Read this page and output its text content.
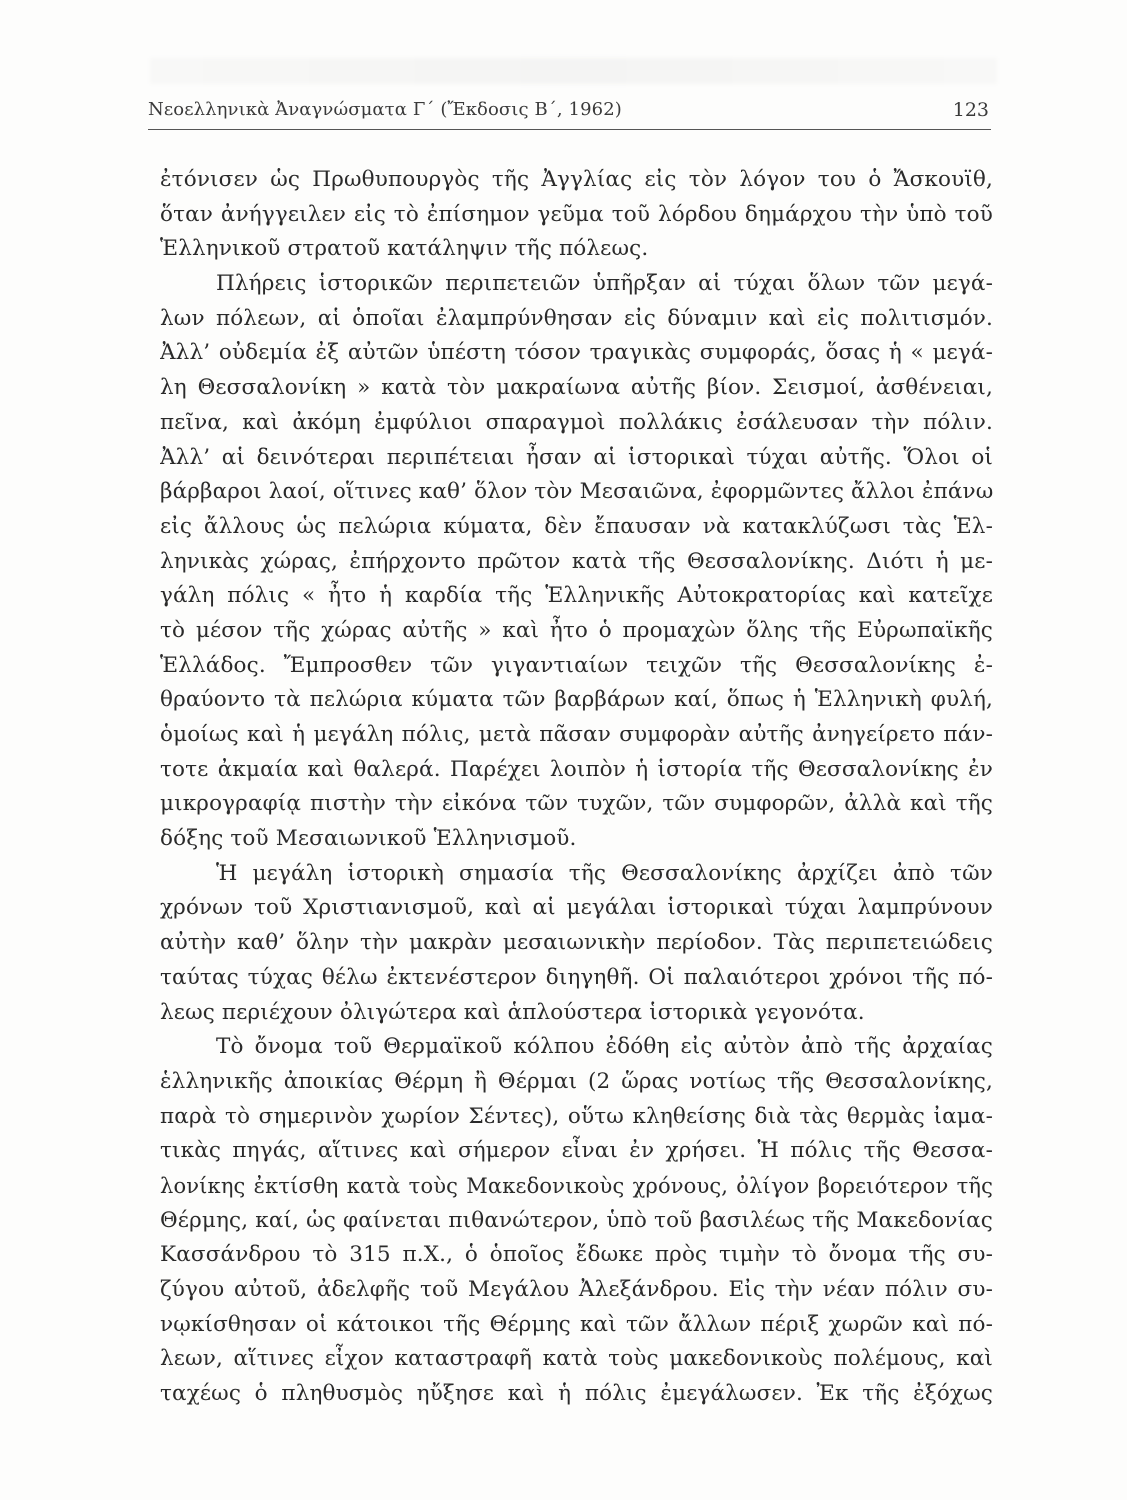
Νεοελληνικὰ Ἀναγνώσματα Γ΄ (Ἔκδοσις Β΄, 1962)	123
ἐτόνισεν ὡς Πρωθυπουργὸς τῆς Ἀγγλίας εἰς τὸν λόγον του ὁ Ἄσκουϊθ,
ὅταν ἀνήγγειλεν εἰς τὸ ἐπίσημον γεῦμα τοῦ λόρδου δημάρχου τὴν ὑπὸ τοῦ
Ἑλληνικοῦ στρατοῦ κατάληψιν τῆς πόλεως.
Πλήρεις ἱστορικῶν περιπετειῶν ὑπῆρξαν αἱ τύχαι ὅλων τῶν μεγά-
λων πόλεων, αἱ ὁποῖαι ἐλαμπρύνθησαν εἰς δύναμιν καὶ εἰς πολιτισμόν.
Ἀλλ’ οὐδεμία ἐξ αὐτῶν ὑπέστη τόσον τραγικὰς συμφοράς, ὅσας ἡ « μεγά-
λη Θεσσαλονίκη » κατὰ τὸν μακραίωνα αὐτῆς βίον. Σεισμοί, ἀσθένειαι,
πεῖνα, καὶ ἀκόμη ἐμφύλιοι σπαραγμοὶ πολλάκις ἐσάλευσαν τὴν πόλιν.
Ἀλλ’ αἱ δεινότεραι περιπέτειαι ἦσαν αἱ ἱστορικαὶ τύχαι αὐτῆς. Ὅλοι οἱ
βάρβαροι λαοί, οἵτινες καθ’ ὅλον τὸν Μεσαιῶνα, ἐφορμῶντες ἄλλοι ἐπάνω
εἰς ἄλλους ὡς πελώρια κύματα, δὲν ἔπαυσαν νὰ κατακλύζωσι τὰς Ἑλ-
ληνικὰς χώρας, ἐπήρχοντο πρῶτον κατὰ τῆς Θεσσαλονίκης. Διότι ἡ με-
γάλη πόλις « ἦτο ἡ καρδία τῆς Ἑλληνικῆς Αὐτοκρατορίας καὶ κατεῖχε
τὸ μέσον τῆς χώρας αὐτῆς » καὶ ἦτο ὁ προμαχὼν ὅλης τῆς Εὐρωπαϊκῆς
Ἑλλάδος. Ἔμπροσθεν τῶν γιγαντιαίων τειχῶν τῆς Θεσσαλονίκης ἐ-
θραύοντο τὰ πελώρια κύματα τῶν βαρβάρων καί, ὅπως ἡ Ἑλληνικὴ φυλή,
ὁμοίως καὶ ἡ μεγάλη πόλις, μετὰ πᾶσαν συμφορὰν αὐτῆς ἀνηγείρετο πάν-
τοτε ἀκμαία καὶ θαλερά. Παρέχει λοιπὸν ἡ ἱστορία τῆς Θεσσαλονίκης ἐν
μικρογραφίᾳ πιστὴν τὴν εἰκόνα τῶν τυχῶν, τῶν συμφορῶν, ἀλλὰ καὶ τῆς
δόξης τοῦ Μεσαιωνικοῦ Ἑλληνισμοῦ.
Ἡ μεγάλη ἱστορικὴ σημασία τῆς Θεσσαλονίκης ἀρχίζει ἀπὸ τῶν
χρόνων τοῦ Χριστιανισμοῦ, καὶ αἱ μεγάλαι ἱστορικαὶ τύχαι λαμπρύνουν
αὐτὴν καθ’ ὅλην τὴν μακρὰν μεσαιωνικὴν περίοδον. Τὰς περιπετειώδεις
ταύτας τύχας θέλω ἐκτενέστερον διηγηθῆ. Οἱ παλαιότεροι χρόνοι τῆς πό-
λεως περιέχουν ὀλιγώτερα καὶ ἁπλούστερα ἱστορικὰ γεγονότα.
Τὸ ὄνομα τοῦ Θερμαϊκοῦ κόλπου ἐδόθη εἰς αὐτὸν ἀπὸ τῆς ἀρχαίας
ἑλληνικῆς ἀποικίας Θέρμη ἢ Θέρμαι (2 ὥρας νοτίως τῆς Θεσσαλονίκης,
παρὰ τὸ σημερινὸν χωρίον Σέντες), οὕτω κληθείσης διὰ τὰς θερμὰς ἰαμα-
τικὰς πηγάς, αἵτινες καὶ σήμερον εἶναι ἐν χρήσει. Ἡ πόλις τῆς Θεσσα-
λονίκης ἐκτίσθη κατὰ τοὺς Μακεδονικοὺς χρόνους, ὀλίγον βορειότερον τῆς
Θέρμης, καί, ὡς φαίνεται πιθανώτερον, ὑπὸ τοῦ βασιλέως τῆς Μακεδονίας
Κασσάνδρου τὸ 315 π.Χ., ὁ ὁποῖος ἔδωκε πρὸς τιμὴν τὸ ὄνομα τῆς συ-
ζύγου αὐτοῦ, ἀδελφῆς τοῦ Μεγάλου Ἀλεξάνδρου. Εἰς τὴν νέαν πόλιν συ-
νῳκίσθησαν οἱ κάτοικοι τῆς Θέρμης καὶ τῶν ἄλλων πέριξ χωρῶν καὶ πό-
λεων, αἵτινες εἶχον καταστραφῆ κατὰ τοὺς μακεδονικοὺς πολέμους, καὶ
ταχέως ὁ πληθυσμὸς ηὔξησε καὶ ἡ πόλις ἐμεγάλωσεν. Ἐκ τῆς ἐξόχως
